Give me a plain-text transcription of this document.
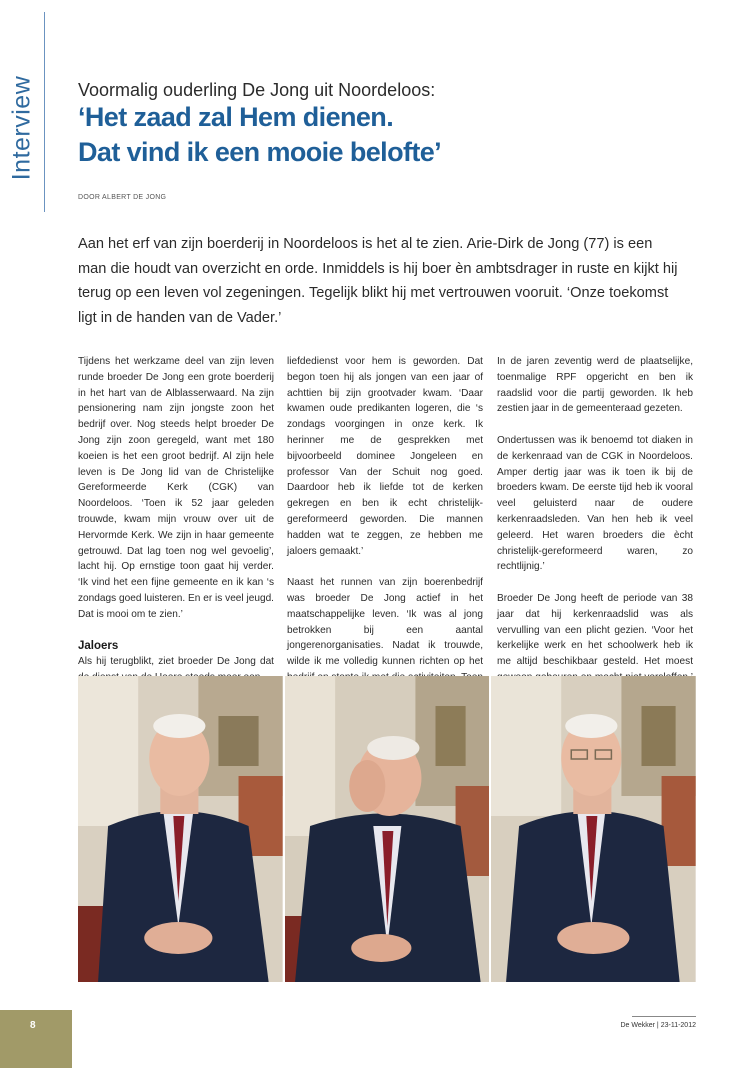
Interview Voormalig ouderling De Jong uit Noordeloos:
‘Het zaad zal Hem dienen.
Dat vind ik een mooie belofte’
DOOR ALBERT DE JONG
Aan het erf van zijn boerderij in Noordeloos is het al te zien. Arie-Dirk de Jong (77) is een man die houdt van overzicht en orde. Inmiddels is hij boer èn ambtsdrager in ruste en kijkt hij terug op een leven vol zegeningen. Tegelijk blikt hij met vertrouwen vooruit. ‘Onze toekomst ligt in de handen van de Vader.’

Tijdens het werkzame deel van zijn leven runde broeder De Jong een grote boerderij in het hart van de Alblasserwaard. Na zijn pensionering nam zijn jongste zoon het bedrijf over. Nog steeds helpt broeder De Jong zijn zoon geregeld, want met 180 koeien is het een groot bedrijf. Al zijn hele leven is De Jong lid van de Christelijke Gereformeerde Kerk (CGK) van Noordeloos. ‘Toen ik 52 jaar geleden trouwde, kwam mijn vrouw over uit de Hervormde Kerk. We zijn in haar gemeente getrouwd. Dat lag toen nog wel gevoelig’, lacht hij. Op ernstige toon gaat hij verder. ‘Ik vind het een fijne gemeente en ik kan ‘s zondags goed luisteren. En er is veel jeugd. Dat is mooi om te zien.’

Jaloers

Als hij terugblikt, ziet broeder De Jong dat

liefdedienst voor hem is geworden. Dat begon toen hij als jongen van een jaar of achttien bij zijn grootvader kwam. ‘Daar kwamen oude predikanten logeren, die ‘s zondags voorgingen in onze kerk. Ik herinner me de gesprekken met bijvoorbeeld dominee Jongeleen en professor Van der Schuit nog goed. Daardoor heb ik liefde tot de kerken gekregen en ben ik echt christelijk-gereformeerd geworden. Die mannen hadden wat te zeggen, ze hebben me jaloers gemaakt.’

Naast het runnen van zijn boerenbedrijf was broeder De Jong actief in het maatschappelijke leven. ‘Ik was al jong betrokken bij een aantal jongerenorganisaties. Nadat ik trouwde, wilde ik me volledig kunnen richten op het

In de jaren zeventig werd de plaatselijke, toenmalige RPF opgericht en ben ik raadslid voor die partij geworden. Ik heb zestien jaar in de gemeenteraad gezeten.

Ondertussen was ik benoemd tot diaken in de kerkenraad van de CGK in Noordeloos. Amper dertig jaar was ik toen ik bij de broeders kwam. De eerste tijd heb ik vooral veel geluisterd naar de oudere kerkenraadsleden. Van hen heb ik veel geleerd. Het waren broeders die ècht christelijk-gereformeerd waren, zo rechtlijnig.’

Broeder De Jong heeft de periode van 38 jaar dat hij kerkenraadslid was als vervulling van een plicht gezien. ‘Voor het kerkelijke werk en het schoolwerk heb ik me altijd beschikbaar gesteld. Het moest

8	De Wekker | 23-11-2012
